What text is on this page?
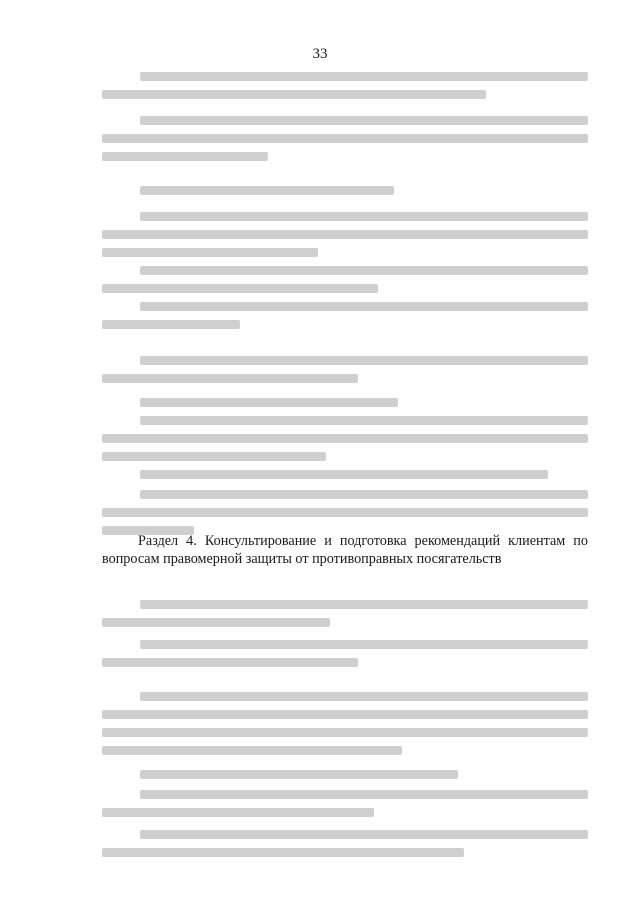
33

Раздел 4. Консультирование и подготовка рекомендаций клиентам по вопросам правомерной защиты от противоправных посягательств
